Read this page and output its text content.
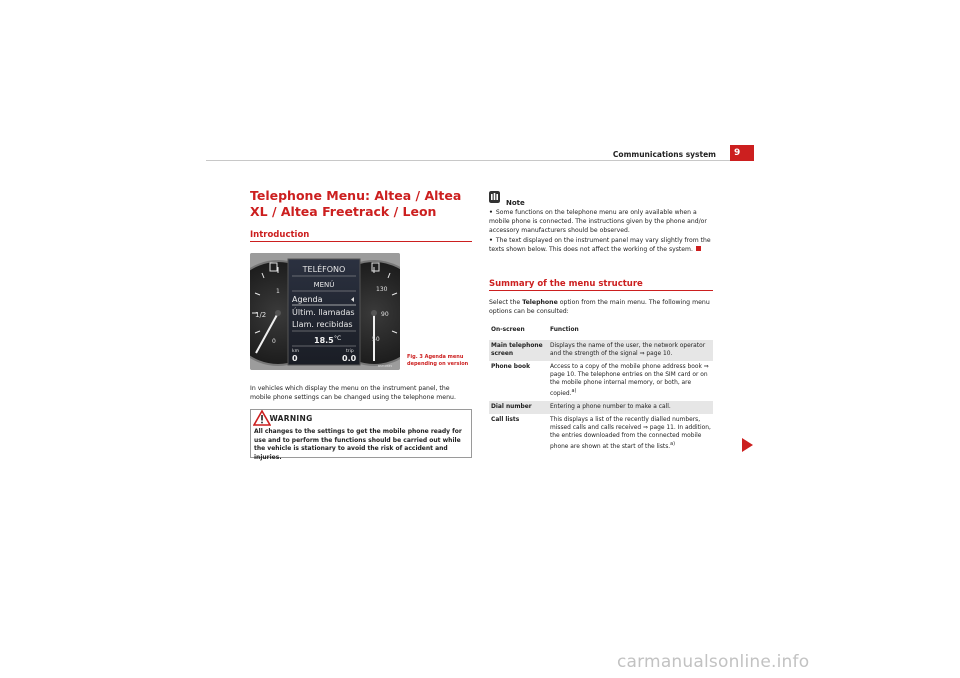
Communications system	9
Telephone Menu: Altea / Altea XL / Altea Freetrack / Leon
Introduction
1/2
1
0
130
90
50
TELÉFONO
MENÚ
Agenda
Últim. llamadas
Llam. recibidas
18.5 °C
km	trip
0	0.0
B5T-0585
Fig. 3 Agenda menu depending on version
In vehicles which display the menu on the instrument panel, the mobile phone settings can be changed using the telephone menu.
WARNING
All changes to the settings to get the mobile phone ready for use and to perform the functions should be carried out while the vehicle is stationary to avoid the risk of accident and injuries.
Note
• Some functions on the telephone menu are only available when a mobile phone is connected. The instructions given by the phone and/or accessory manufacturers should be observed.
• The text displayed on the instrument panel may vary slightly from the texts shown below. This does not affect the working of the system.
Summary of the menu structure
Select the Telephone option from the main menu. The following menu options can be consulted:
On-screen	Function
Main telephone screen	Displays the name of the user, the network operator and the strength of the signal ⇒ page 10.
Phone book	Access to a copy of the mobile phone address book ⇒ page 10. The telephone entries on the SIM card or on the mobile phone internal memory, or both, are copied.$^{a)}$
Dial number	Entering a phone number to make a call.
Call lists	This displays a list of the recently dialled numbers, missed calls and calls received ⇒ page 11. In addition, the entries downloaded from the connected mobile phone are shown at the start of the lists.$^{a)}$
carmanualsonline.info
